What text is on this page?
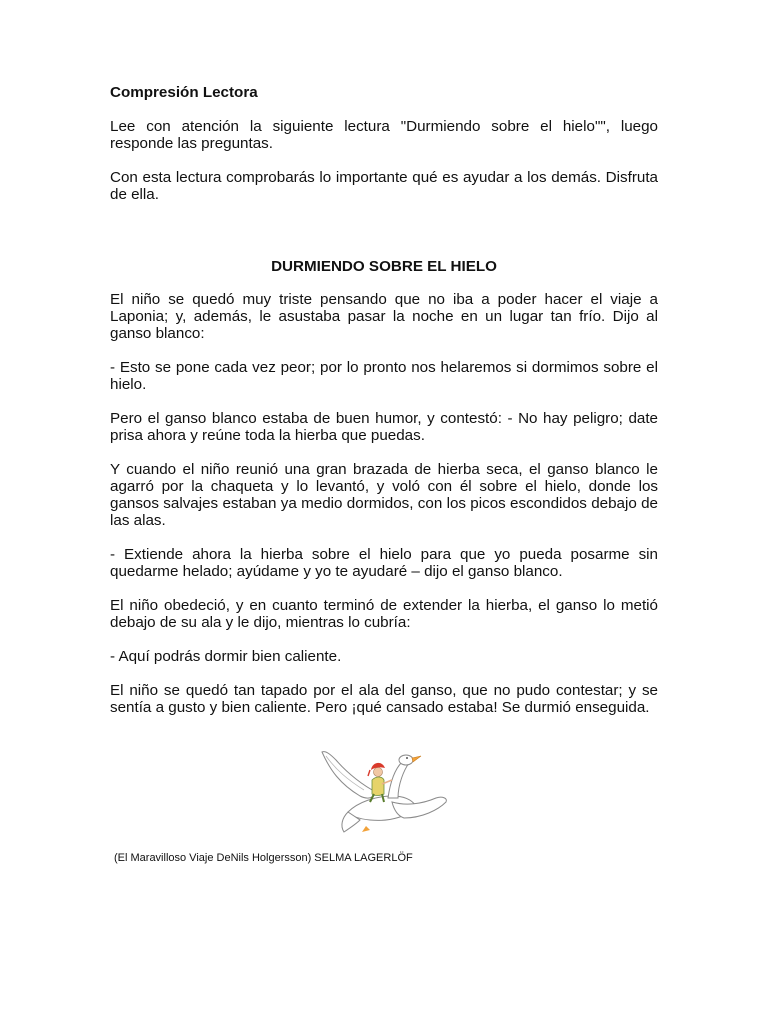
Compresión Lectora

Lee con atención la siguiente lectura "Durmiendo sobre el hielo"", luego responde las preguntas.

Con esta lectura comprobarás lo importante qué es ayudar a los demás. Disfruta de ella.

DURMIENDO SOBRE EL HIELO

El niño se quedó muy triste pensando que no iba a poder hacer el viaje a Laponia; y, además, le asustaba pasar la noche en un lugar tan frío. Dijo al ganso blanco:

- Esto se pone cada vez peor; por lo pronto nos helaremos si dormimos sobre el hielo.

Pero el ganso blanco estaba de buen humor, y contestó: - No hay peligro; date prisa ahora y reúne toda la hierba que puedas.

Y cuando el niño reunió una gran brazada de hierba seca, el ganso blanco le agarró por la chaqueta y lo levantó, y voló con él sobre el hielo, donde los gansos salvajes estaban ya medio dormidos, con los picos escondidos debajo de las alas.

- Extiende ahora la hierba sobre el hielo para que yo pueda posarme sin quedarme helado; ayúdame y yo te ayudaré – dijo el ganso blanco.

El niño obedeció, y en cuanto terminó de extender la hierba, el ganso lo metió debajo de su ala y le dijo, mientras lo cubría:

- Aquí podrás dormir bien caliente.

El niño se quedó tan tapado por el ala del ganso, que no pudo contestar; y se sentía a gusto y bien caliente. Pero ¡qué cansado estaba! Se durmió enseguida.

(El Maravilloso Viaje DeNils Holgersson) SELMA LAGERLÖF
